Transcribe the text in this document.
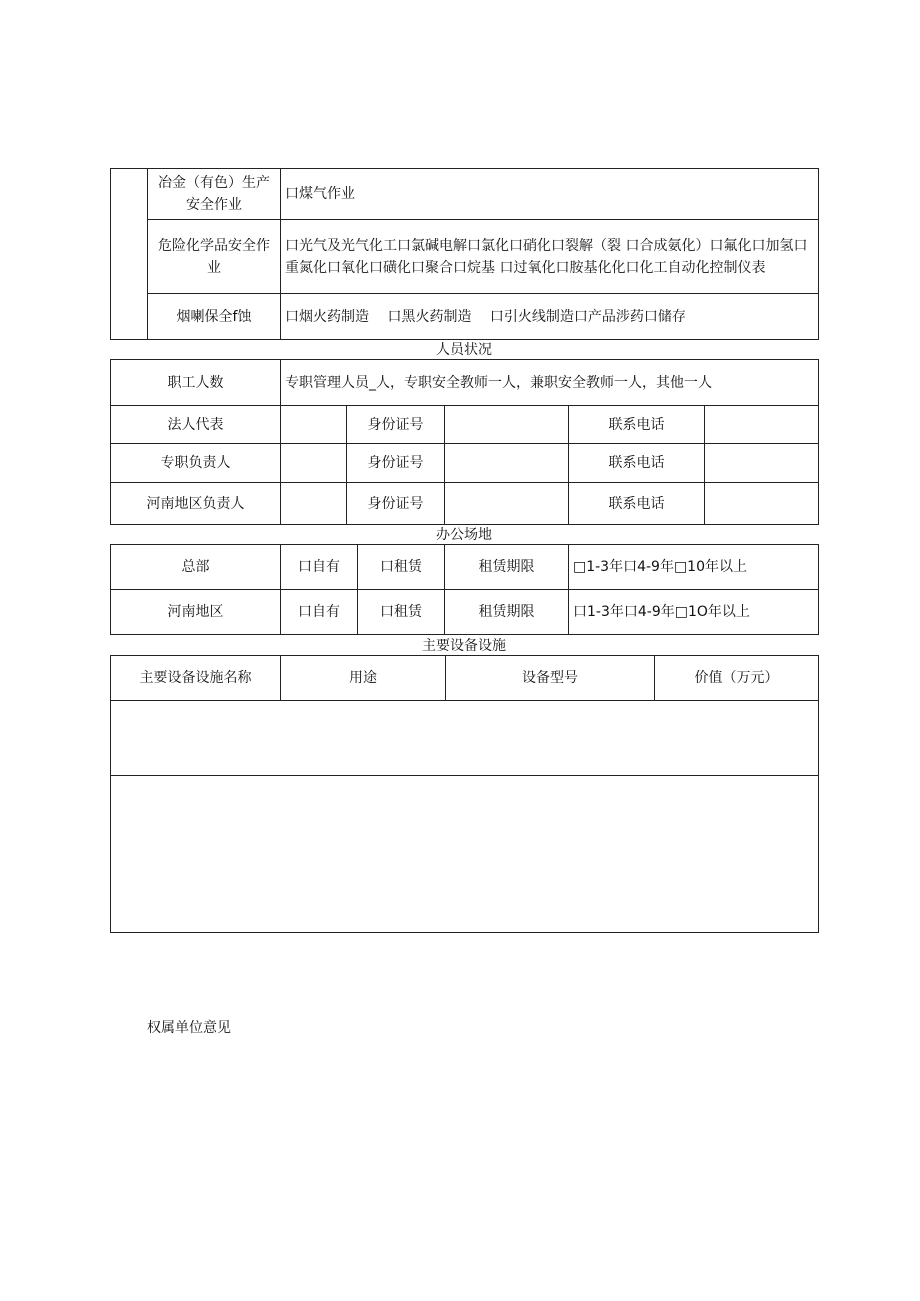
	冶金（有色）生产安全作业	口煤气作业
	危险化学品安全作业	口光气及光气化工口氯碱电解口氯化口硝化口裂解（裂 口合成氨化）口氟化口加氢口重氮化口氧化口磺化口聚合口烷基 口过氧化口胺基化化口化工自动化控制仪表
	烟喇保全f蚀	口烟火药制造　 口黑火药制造　 口引火线制造口产品涉药口储存
人员状况
职工人数	专职管理人员_人，专职安全教师一人，兼职安全教师一人，其他一人				
法人代表		身份证号		联系电话	
专职负责人		身份证号		联系电话	
河南地区负责人		身份证号		联系电话	
办公场地
总部	口自有	口租赁	租赁期限	□1-3年口4-9年□10年以上
河南地区	口自有	口租赁	租赁期限	口1-3年口4-9年□1O年以上
主要设备设施
主要设备设施名称	用途	设备型号	价值（万元）

权属单位意见
